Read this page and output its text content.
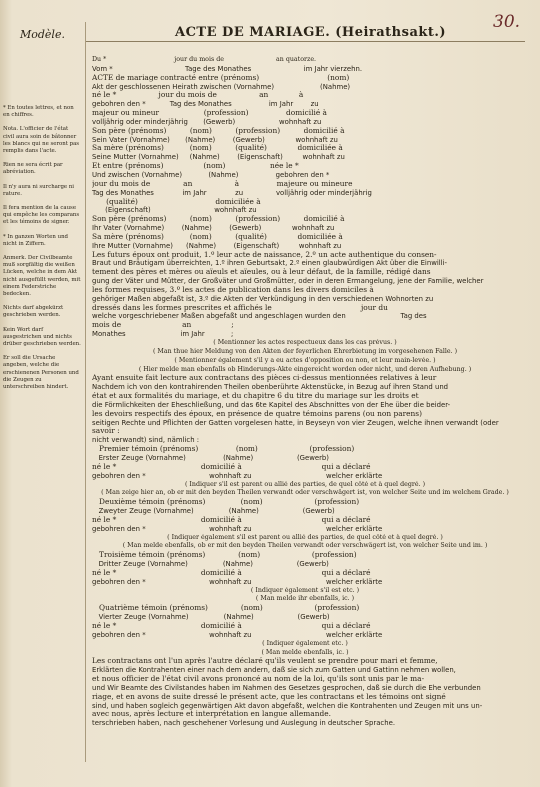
Modèle.	ACTE DE MARIAGE. (Heirathsakt.)
30.

* En toutes lettres, et non en chiffres.

Nota. L'officier de l'état civil aura soin de bâtonner les blancs qui ne seront pas remplis dans l'acte.

Rien ne sera écrit par abréviation.

Il n'y aura ni surcharge ni rature.

Il fera mention de la cause qui empêche les comparans et les témoins de signer.

* In ganzen Worten und nicht in Ziffern.

Anmerk. Der Civilbeamte muß sorgfältig die weißen Lücken, welche in dem Akt nicht ausgefüllt werden, mit einem Federstriche bedecken.

Nichts darf abgekürzt geschrieben werden.

Kein Wort darf ausgestrichen und nichts drüber geschrieben werden.

Er soll die Ursache angeben, welche die erschienenen Personen und die Zeugen zu unterschreiben hindert.

Du *                                  jour du mois de                          an quatorze.
Vom *                                 Tage des Monathes                        im Jahr vierzehn.
ACTE de mariage contracté entre (prénoms)                             (nom)
Akt der geschlossenen Heirath zwischen (Vornahme)                     (Nahme)
né le *                  jour du mois de                  an             à
gebohren den *           Tag des Monathes                 im Jahr        zu
majeur ou mineur                   (profession)                domicilié à
volljährig oder minderjährig       (Gewerb)                    wohnhaft zu
Son père (prénoms)          (nom)          (profession)          domicilié à
Sein Vater (Vornahme)       (Nahme)        (Gewerb)              wohnhaft zu
Sa mère (prénoms)           (nom)          (qualité)             domiciliée à
Seine Mutter (Vornahme)     (Nahme)        (Eigenschaft)         wohnhaft zu
Et entre (prénoms)                 (nom)                   née le *
Und zwischen (Vornahme)            (Nahme)                 gebohren den *
jour du mois de              an                  à                majeure ou mineure
Tag des Monathes             im Jahr             zu               volljährig oder minderjährig
(qualité)                                 domiciliée à
(Eigenschaft)                             wohnhaft zu
Son père (prénoms)          (nom)          (profession)          domicilié à
Ihr Vater (Vornahme)        (Nahme)        (Gewerb)              wohnhaft zu
Sa mère (prénoms)           (nom)          (qualité)             domiciliée à
Ihre Mutter (Vornahme)      (Nahme)        (Eigenschaft)         wohnhaft zu
Les futurs époux ont produit, 1.º leur acte de naissance, 2.º un acte authentique du consen-
Braut und Bräutigam überreichten, 1.º ihren Geburtsakt, 2.º einen glaubwürdigen Akt über die Einwilli-
tement des pères et mères ou aïeuls et aïeules, ou à leur défaut, de la famille, rédigé dans
gung der Väter und Mütter, der Großväter und Großmütter, oder in deren Ermangelung, jene der Familie, welcher
les formes requises, 3.º les actes de publication dans les divers domiciles à
gehöriger Maßen abgefaßt ist, 3.º die Akten der Verkündigung in den verschiedenen Wohnorten zu
dressés dans les formes prescrites et affichés le                                      jour du
welche vorgeschriebener Maßen abgefaßt und angeschlagen wurden den                         Tag des
mois de                          an                 ;
Monathes                         im Jahr            ;
( Mentionner les actes respectueux dans les cas prévus. )
( Man thue hier Meldung von den Akten der feyerlichen Ehrerbietung im vorgesehenen Falle. )
( Mentionner également s'il y a eu actes d'opposition ou non, et leur main-levée. )
( Hier melde man ebenfalls ob Hinderungs-Akte eingereicht worden oder nicht, und deren Aufhebung. )
Ayant ensuite fait lecture aux contractans des pièces ci-dessus mentionnées relatives à leur
Nachdem ich von den kontrahirenden Theilen obenberührte Aktenstücke, in Bezug auf ihren Stand und
état et aux formalités du mariage, et du chapitre 6 du titre du mariage sur les droits et
die Förmlichkeiten der Eheschließung, und das 6te Kapitel des Abschnittes von der Ehe über die beider-
les devoirs respectifs des époux, en présence de quatre témoins parens (ou non parens)
seitigen Rechte und Pflichten der Gatten vorgelesen hatte, in Beyseyn von vier Zeugen, welche ihnen verwandt (oder
savoir :
nicht verwandt) sind, nämlich :
Premier témoin (prénoms)                (nom)                      (profession)
Erster Zeuge (Vornahme)                 (Nahme)                    (Gewerb)
né le *                                    domicilié à                                  qui a déclaré
gebohren den *                             wohnhaft zu                                  welcher erklärte
( Indiquer s'il est parent ou allié des parties, de quel côté et à quel degré. )
( Man zeige hier an, ob er mit den beyden Theilen verwandt oder verschwägert ist, von welcher Seite und im welchem Grade. )
Deuxième témoin (prénoms)               (nom)                      (profession)
Zweyter Zeuge (Vornahme)                (Nahme)                    (Gewerb)
né le *                                    domicilié à                                  qui a déclaré
gebohren den *                             wohnhaft zu                                  welcher erklärte
( Indiquer également s'il est parent ou allié des parties, de quel côté et à quel degré. )
( Man melde ebenfalls, ob er mit den beyden Theilen verwandt oder verschwägert ist, von welcher Seite und im. )
Troisième témoin (prénoms)              (nom)                      (profession)
Dritter Zeuge (Vornahme)                (Nahme)                    (Gewerb)
né le *                                    domicilié à                                  qui a déclaré
gebohren den *                             wohnhaft zu                                  welcher erklärte
( Indiquer également s'il est etc. )
( Man melde ihr ebenfalls, ic. )
Quatrième témoin (prénoms)              (nom)                      (profession)
Vierter Zeuge (Vornahme)                (Nahme)                    (Gewerb)
né le *                                    domicilié à                                  qui a déclaré
gebohren den *                             wohnhaft zu                                  welcher erklärte
( Indiquer également etc. )
( Man melde ebenfalls, ic. )
Les contractans ont l'un après l'autre déclaré qu'ils veulent se prendre pour mari et femme,
Erklärten die Kontrahenten einer nach dem andern, daß sie sich zum Gatten und Gattinn nehmen wollen,
et nous officier de l'état civil avons prononcé au nom de la loi, qu'ils sont unis par le ma-
und Wir Beamte des Civilstandes haben im Nahmen des Gesetzes gesprochen, daß sie durch die Ehe verbunden
riage, et en avons de suite dressé le présent acte, que les contractans et les témoins ont signé
sind, und haben sogleich gegenwärtigen Akt davon abgefaßt, welchen die Kontrahenten und Zeugen mit uns un-
avec nous, après lecture et interprétation en langue allemande.
terschrieben haben, nach geschehener Vorlesung und Auslegung in deutscher Sprache.
